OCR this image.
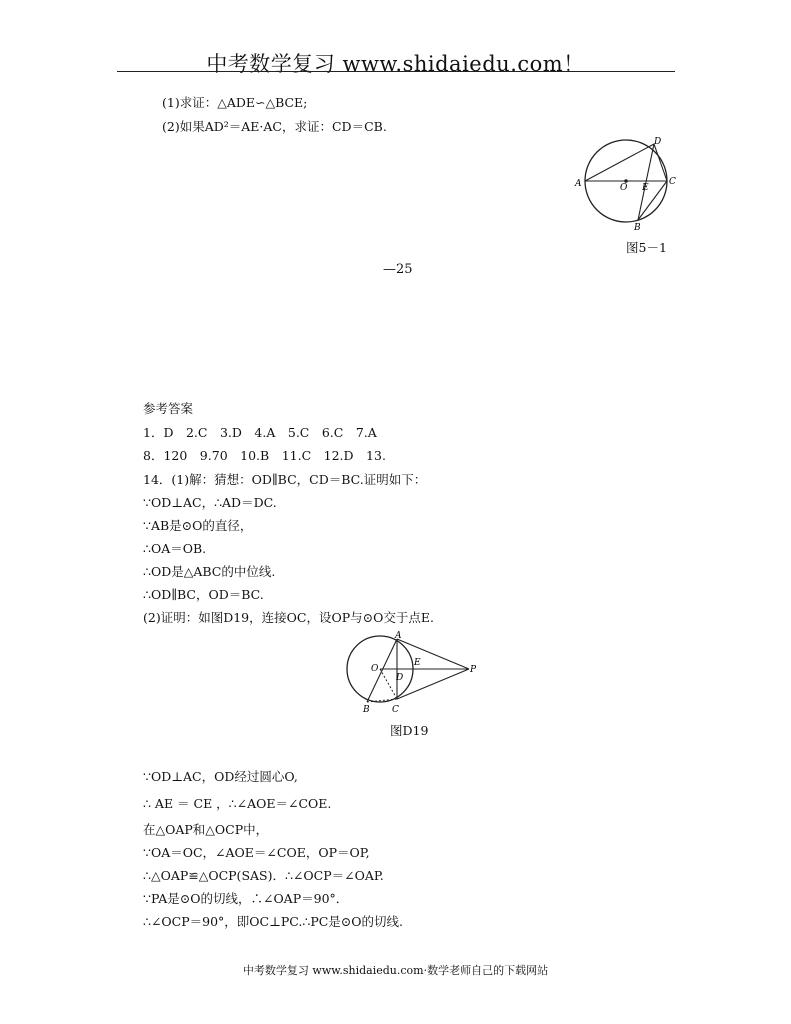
中考数学复习 www.shidaiedu.com！
(1)求证：△ADE∽△BCE;
(2)如果AD²＝AE·AC，求证：CD＝CB.
A	O E
C
D
B
图5－1
—25
参考答案
1．D　2.C　3.D　4.A　5.C　6.C　7.A
8．120　9.70　10.B　11.C　12.D　13.
14．(1)解：猜想：OD∥BC，CD＝BC.证明如下：
∵OD⊥AC，∴AD＝DC.
∵AB是⊙O的直径，
∴OA＝OB.
∴OD是△ABC的中位线.
∴OD∥BC，OD＝BC.
(2)证明：如图D19，连接OC，设OP与⊙O交于点E.
A
O
E
D
P
B C
图D19
∵OD⊥AC，OD经过圆心O,
∴ AE ＝ CE ，∴∠AOE＝∠COE.
在△OAP和△OCP中，
∵OA＝OC，∠AOE＝∠COE，OP＝OP,
∴△OAP≌△OCP(SAS)．∴∠OCP＝∠OAP.
∵PA是⊙O的切线，∴∠OAP＝90°．
∴∠OCP＝90°，即OC⊥PC.∴PC是⊙O的切线.
中考数学复习 www.shidaiedu.com·数学老师自己的下载网站
